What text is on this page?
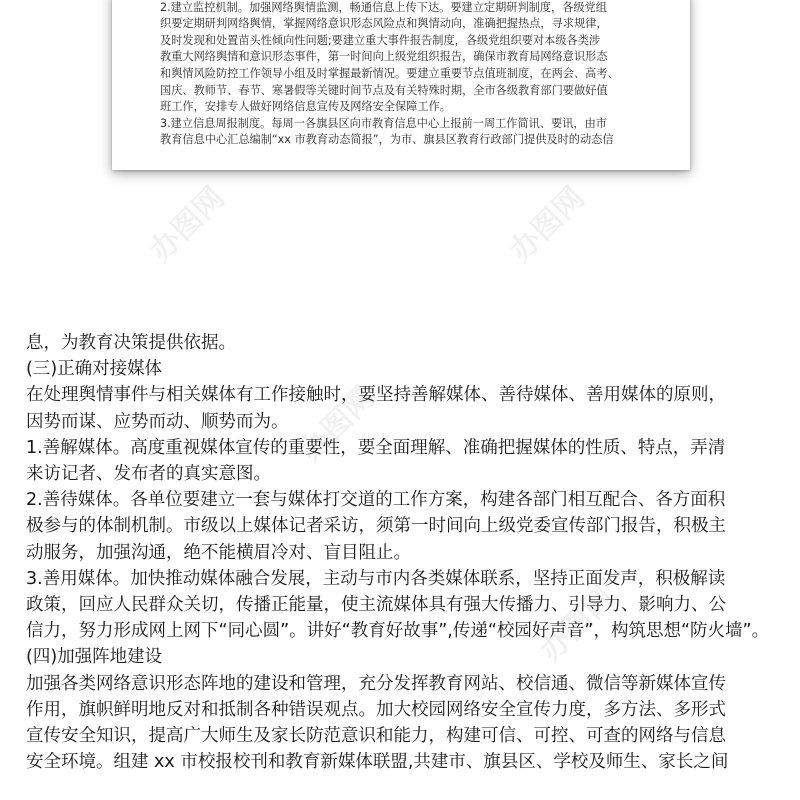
2.建立监控机制。加强网络舆情监测，畅通信息上传下达。要建立定期研判制度，各级党组

织要定期研判网络舆情，掌握网络意识形态风险点和舆情动向，准确把握热点，寻求规律，

及时发现和处置苗头性倾向性问题;要建立重大事件报告制度，各级党组织要对本级各类涉

教重大网络舆情和意识形态事件，第一时间向上级党组织报告，确保市教育局网络意识形态

和舆情风险防控工作领导小组及时掌握最新情况。要建立重要节点值班制度，在两会、高考、

国庆、教师节、春节、寒暑假等关键时间节点及有关特殊时期，全市各级教育部门要做好值

班工作，安排专人做好网络信息宣传及网络安全保障工作。

3.建立信息周报制度。每周一各旗县区向市教育信息中心上报前一周工作简讯、要讯，由市

教育信息中心汇总编制“xx 市教育动态简报”，为市、旗县区教育行政部门提供及时的动态信

办图网	办图网
办图网
办图网

息，为教育决策提供依据。

(三)正确对接媒体

在处理舆情事件与相关媒体有工作接触时，要坚持善解媒体、善待媒体、善用媒体的原则，

因势而谋、应势而动、顺势而为。

1.善解媒体。高度重视媒体宣传的重要性，要全面理解、准确把握媒体的性质、特点，弄清

来访记者、发布者的真实意图。

2.善待媒体。各单位要建立一套与媒体打交道的工作方案，构建各部门相互配合、各方面积

极参与的体制机制。市级以上媒体记者采访，须第一时间向上级党委宣传部门报告，积极主

动服务，加强沟通，绝不能横眉冷对、盲目阻止。

3.善用媒体。加快推动媒体融合发展，主动与市内各类媒体联系，坚持正面发声，积极解读

政策，回应人民群众关切，传播正能量，使主流媒体具有强大传播力、引导力、影响力、公

信力，努力形成网上网下“同心圆”。讲好“教育好故事”,传递“校园好声音”，构筑思想“防火墙”。

(四)加强阵地建设

加强各类网络意识形态阵地的建设和管理，充分发挥教育网站、校信通、微信等新媒体宣传

作用，旗帜鲜明地反对和抵制各种错误观点。加大校园网络安全宣传力度，多方法、多形式

宣传安全知识，提高广大师生及家长防范意识和能力，构建可信、可控、可查的网络与信息

安全环境。组建 xx 市校报校刊和教育新媒体联盟,共建市、旗县区、学校及师生、家长之间
